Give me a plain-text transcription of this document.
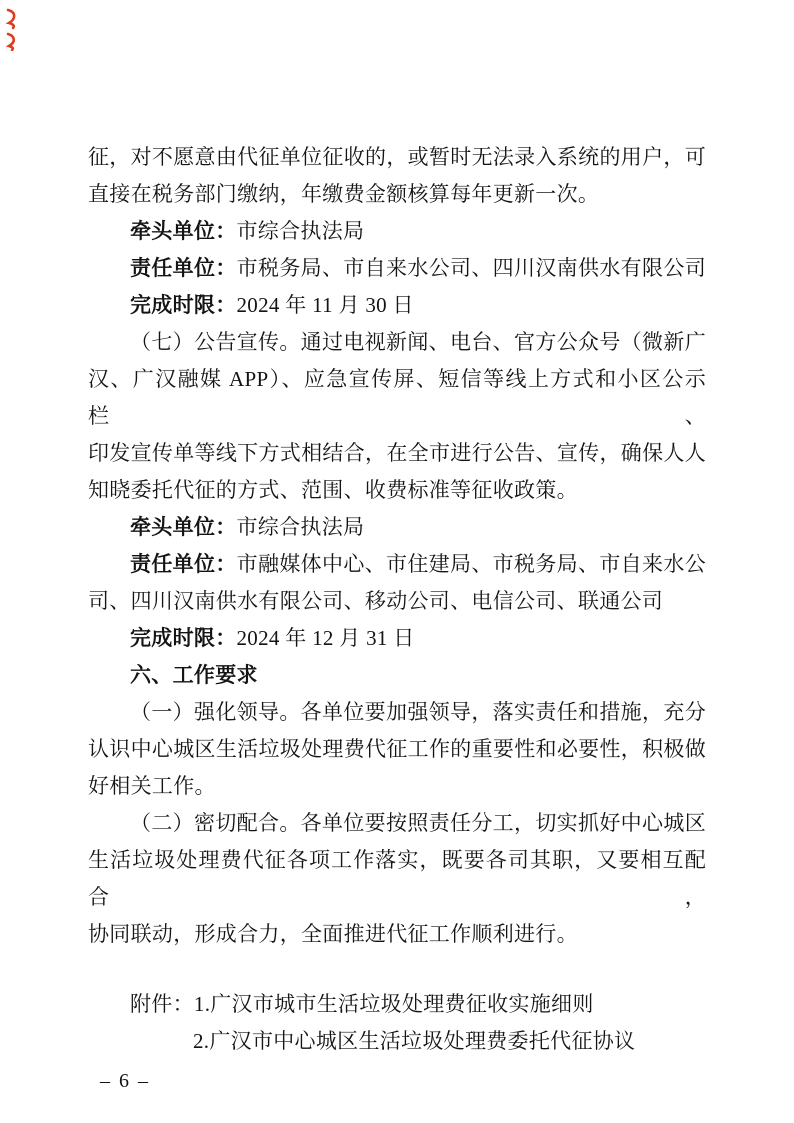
征，对不愿意由代征单位征收的，或暂时无法录入系统的用户，可
直接在税务部门缴纳，年缴费金额核算每年更新一次。
牵头单位：市综合执法局
责任单位：市税务局、市自来水公司、四川汉南供水有限公司
完成时限：2024 年 11 月 30 日
（七）公告宣传。通过电视新闻、电台、官方公众号（微新广
汉、广汉融媒 APP）、应急宣传屏、短信等线上方式和小区公示栏、
印发宣传单等线下方式相结合，在全市进行公告、宣传，确保人人
知晓委托代征的方式、范围、收费标准等征收政策。
牵头单位：市综合执法局
责任单位：市融媒体中心、市住建局、市税务局、市自来水公
司、四川汉南供水有限公司、移动公司、电信公司、联通公司
完成时限：2024 年 12 月 31 日
六、工作要求
（一）强化领导。各单位要加强领导，落实责任和措施，充分
认识中心城区生活垃圾处理费代征工作的重要性和必要性，积极做
好相关工作。
（二）密切配合。各单位要按照责任分工，切实抓好中心城区
生活垃圾处理费代征各项工作落实，既要各司其职，又要相互配合，
协同联动，形成合力，全面推进代征工作顺利进行。
附件：1.广汉市城市生活垃圾处理费征收实施细则
2.广汉市中心城区生活垃圾处理费委托代征协议
– 6 –
